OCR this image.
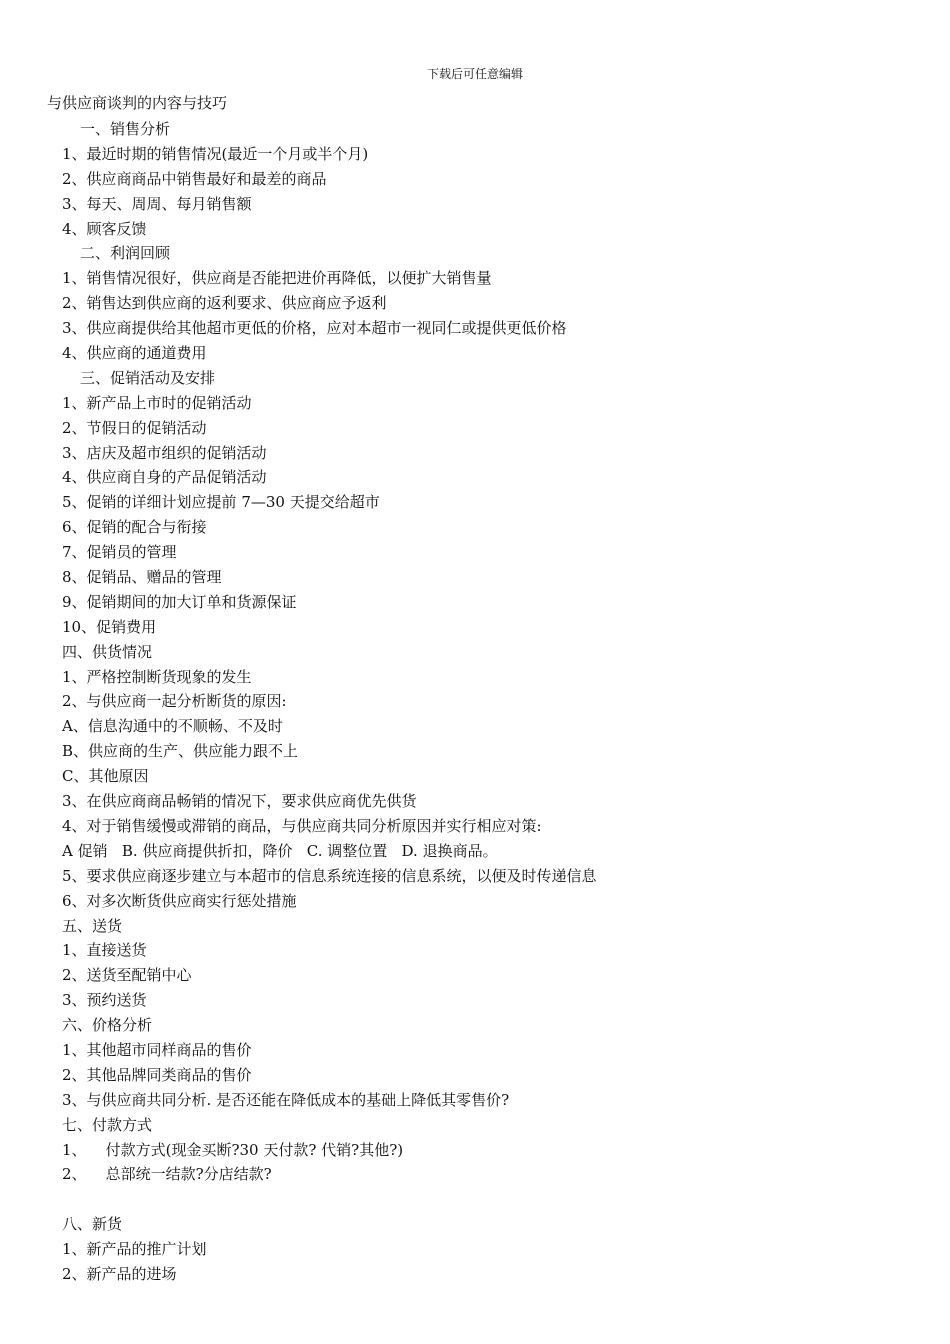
下载后可任意编辑
与供应商谈判的内容与技巧
一、销售分析
1、最近时期的销售情况(最近一个月或半个月)
2、供应商商品中销售最好和最差的商品
3、每天、周周、每月销售额
4、顾客反馈
二、利润回顾
1、销售情况很好，供应商是否能把进价再降低，以便扩大销售量
2、销售达到供应商的返利要求、供应商应予返利
3、供应商提供给其他超市更低的价格，应对本超市一视同仁或提供更低价格
4、供应商的通道费用
三、促销活动及安排
1、新产品上市时的促销活动
2、节假日的促销活动
3、店庆及超市组织的促销活动
4、供应商自身的产品促销活动
5、促销的详细计划应提前 7—30 天提交给超市
6、促销的配合与衔接
7、促销员的管理
8、促销品、赠品的管理
9、促销期间的加大订单和货源保证
10、促销费用
四、供货情况
1、严格控制断货现象的发生
2、与供应商一起分析断货的原因:
A、信息沟通中的不顺畅、不及时
B、供应商的生产、供应能力跟不上
C、其他原因
3、在供应商商品畅销的情况下，要求供应商优先供货
4、对于销售缓慢或滞销的商品，与供应商共同分析原因并实行相应对策:
A 促销   B. 供应商提供折扣，降价   C. 调整位置   D. 退换商品。
5、要求供应商逐步建立与本超市的信息系统连接的信息系统，以便及时传递信息
6、对多次断货供应商实行惩处措施
五、送货
1、直接送货
2、送货至配销中心
3、预约送货
六、价格分析
1、其他超市同样商品的售价
2、其他品牌同类商品的售价
3、与供应商共同分析. 是否还能在降低成本的基础上降低其零售价?
七、付款方式
1、    付款方式(现金买断?30 天付款? 代销?其他?)
2、    总部统一结款?分店结款?
八、新货
1、新产品的推广计划
2、新产品的进场
